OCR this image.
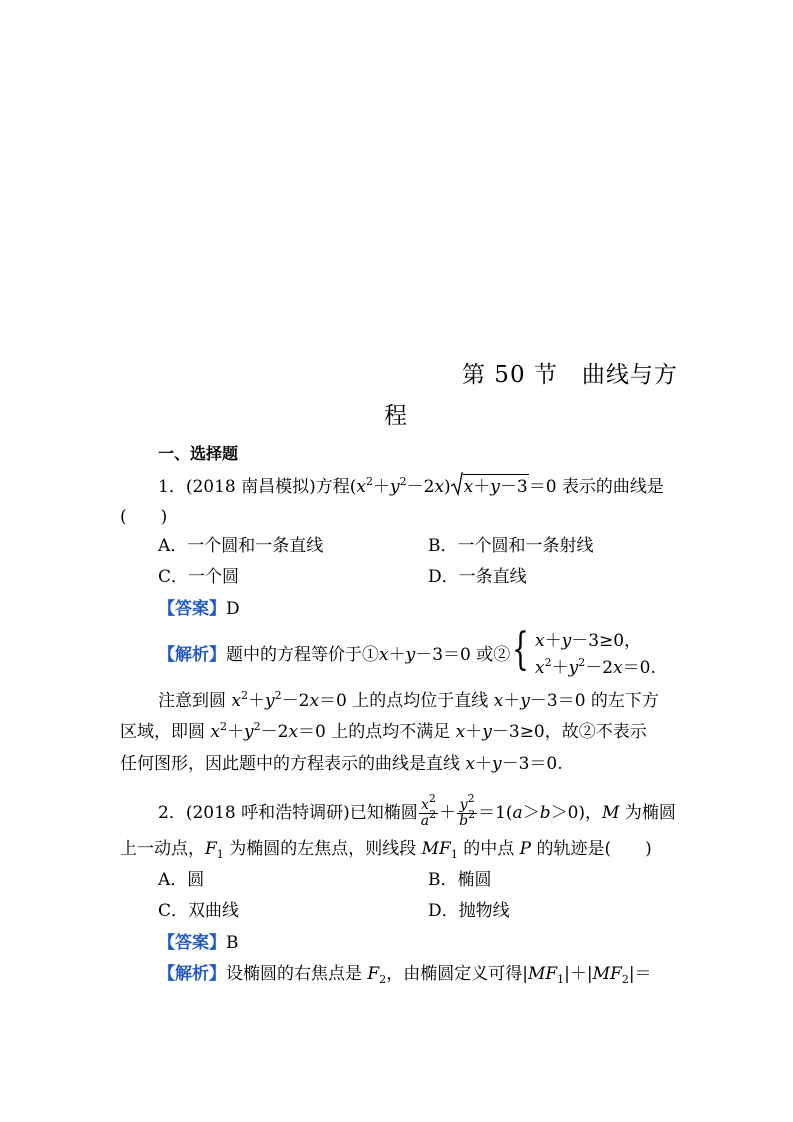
第 50 节　曲线与方
程
一、选择题
1．(2018 南昌模拟)方程$(x^2+y^2-2x)$ x＋y－3＝0 表示的曲线是
(　　)
A．一个圆和一条直线	B．一个圆和一条射线
C．一个圆	D．一条直线
【答案】D
【解析】题中的方程等价于①x＋y－3＝0 或② { x＋y－3≥0，
$x^2+y^2-2x=0$.
注意到圆 $x^2+y^2-2x=0$ 上的点均位于直线 x＋y－3＝0 的左下方
区域，即圆 $x^2+y^2-2x=0$ 上的点均不满足 x＋y－3≥0，故②不表示
任何图形，因此题中的方程表示的曲线是直线 x＋y－3＝0.
2．(2018 呼和浩特调研)已知椭圆 $\frac{x^2}{a^2} + \frac{y^2}{b^2} =1(a>b>0)$，M 为椭圆
上一动点，$F_1$ 为椭圆的左焦点，则线段 $MF_1$ 的中点 P 的轨迹是(　　)
A．圆	B．椭圆
C．双曲线	D．抛物线
【答案】B
【解析】设椭圆的右焦点是 $F_2$，由椭圆定义可得$|MF_1|+|MF_2|=$
